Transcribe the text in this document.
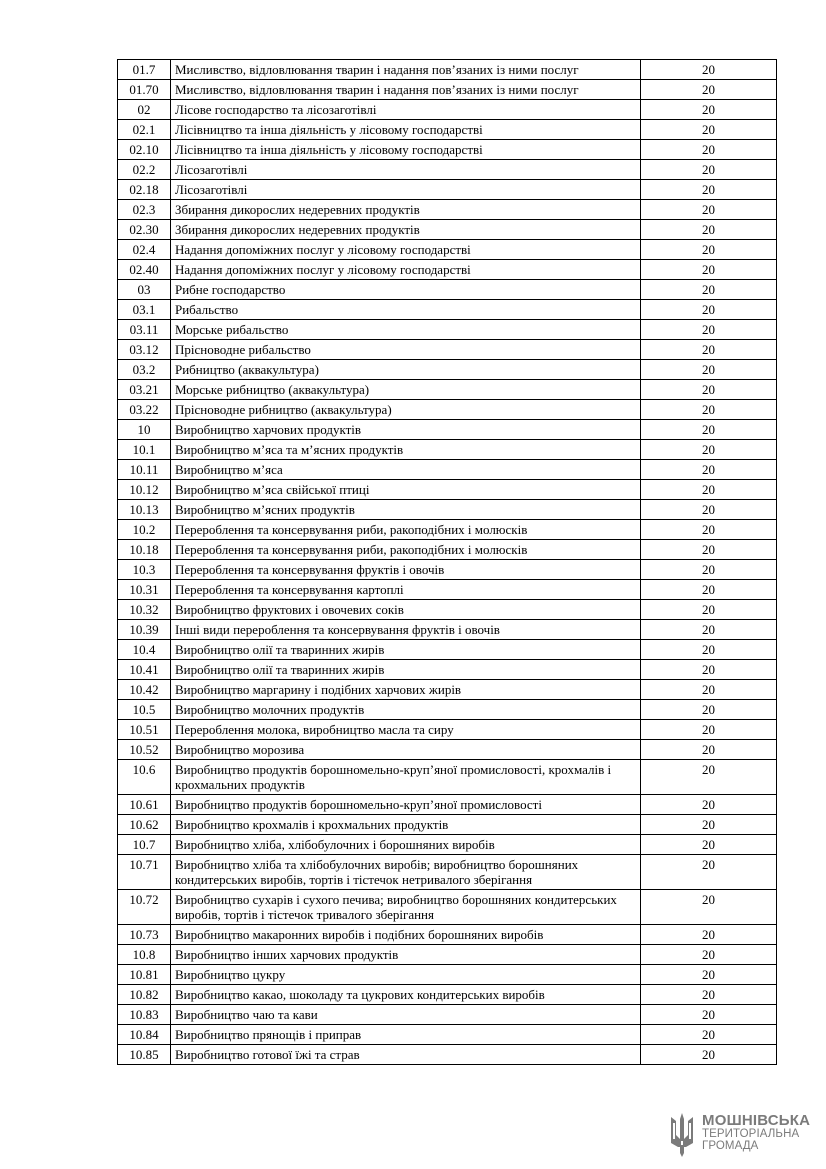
01.7	Мисливство, відловлювання тварин і надання пов’язаних із ними послуг	20
01.70	Мисливство, відловлювання тварин і надання пов’язаних із ними послуг	20
02	Лісове господарство та лісозаготівлі	20
02.1	Лісівництво та інша діяльність у лісовому господарстві	20
02.10	Лісівництво та інша діяльність у лісовому господарстві	20
02.2	Лісозаготівлі	20
02.18	Лісозаготівлі	20
02.3	Збирання дикорослих недеревних продуктів	20
02.30	Збирання дикорослих недеревних продуктів	20
02.4	Надання допоміжних послуг у лісовому господарстві	20
02.40	Надання допоміжних послуг у лісовому господарстві	20
03	Рибне господарство	20
03.1	Рибальство	20
03.11	Морське рибальство	20
03.12	Прісноводне рибальство	20
03.2	Рибництво (аквакультура)	20
03.21	Морське рибництво (аквакультура)	20
03.22	Прісноводне рибництво (аквакультура)	20
10	Виробництво харчових продуктів	20
10.1	Виробництво м’яса та м’ясних продуктів	20
10.11	Виробництво м’яса	20
10.12	Виробництво м’яса свійської птиці	20
10.13	Виробництво м’ясних продуктів	20
10.2	Перероблення та консервування риби, ракоподібних і молюсків	20
10.18	Перероблення та консервування риби, ракоподібних і молюсків	20
10.3	Перероблення та консервування фруктів і овочів	20
10.31	Перероблення та консервування картоплі	20
10.32	Виробництво фруктових і овочевих соків	20
10.39	Інші види перероблення та консервування фруктів і овочів	20
10.4	Виробництво олії та тваринних жирів	20
10.41	Виробництво олії та тваринних жирів	20
10.42	Виробництво маргарину і подібних харчових жирів	20
10.5	Виробництво молочних продуктів	20
10.51	Перероблення молока, виробництво масла та сиру	20
10.52	Виробництво морозива	20
10.6	Виробництво продуктів борошномельно-круп’яної промисловості, крохмалів і крохмальних продуктів	20
10.61	Виробництво продуктів борошномельно-круп’яної промисловості	20
10.62	Виробництво крохмалів і крохмальних продуктів	20
10.7	Виробництво хліба, хлібобулочних і борошняних виробів	20
10.71	Виробництво хліба та хлібобулочних виробів; виробництво борошняних кондитерських виробів, тортів і тістечок нетривалого зберігання	20
10.72	Виробництво сухарів і сухого печива; виробництво борошняних кондитерських виробів, тортів і тістечок тривалого зберігання	20
10.73	Виробництво макаронних виробів і подібних борошняних виробів	20
10.8	Виробництво інших харчових продуктів	20
10.81	Виробництво цукру	20
10.82	Виробництво какао, шоколаду та цукрових кондитерських виробів	20
10.83	Виробництво чаю та кави	20
10.84	Виробництво прянощів і приправ	20
10.85	Виробництво готової їжі та страв	20
МОШНІВСЬКА
ТЕРИТОРІАЛЬНА
ГРОМАДА
